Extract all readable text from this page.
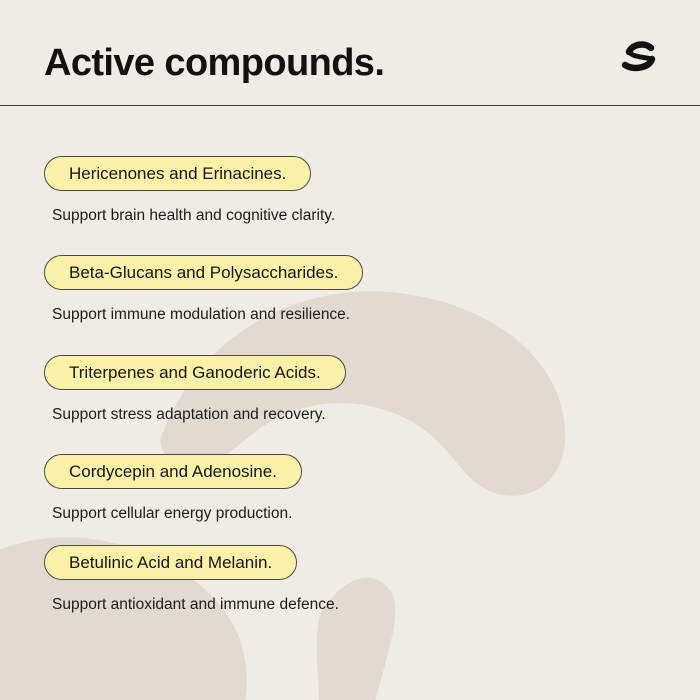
Active compounds.
Hericenones and Erinacines.
Support brain health and cognitive clarity.
Beta-Glucans and Polysaccharides.
Support immune modulation and resilience.
Triterpenes and Ganoderic Acids.
Support stress adaptation and recovery.
Cordycepin and Adenosine.
Support cellular energy production.
Betulinic Acid and Melanin.
Support antioxidant and immune defence.
